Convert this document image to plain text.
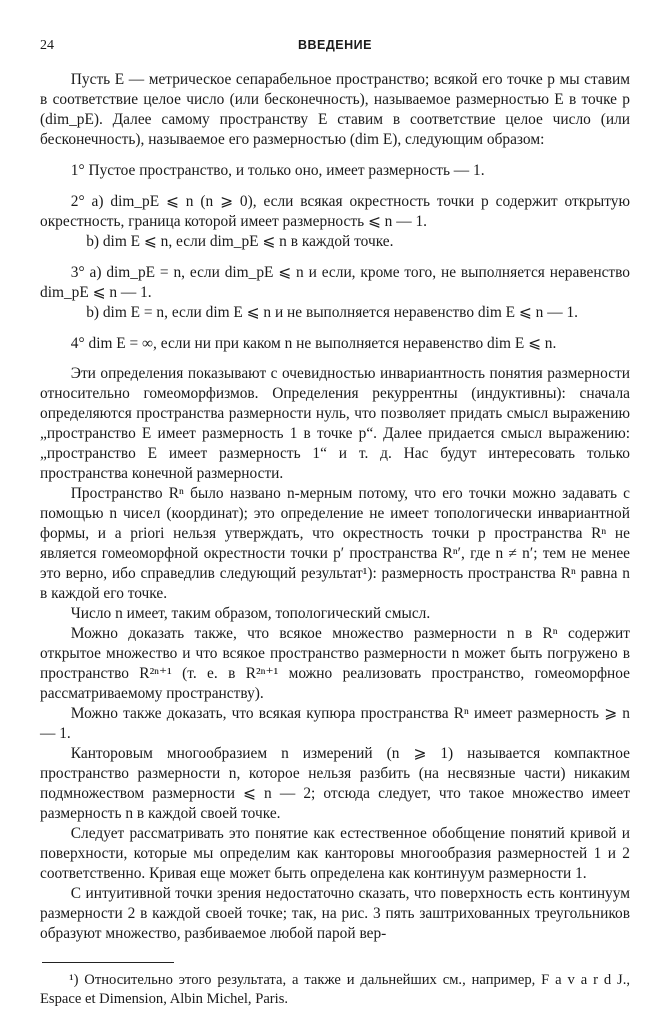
24	ВВЕДЕНИЕ

Пусть E — метрическое сепарабельное пространство; всякой его точке p мы ставим в соответствие целое число (или бесконечность), называемое размерностью E в точке p (dim_pE). Далее самому пространству E ставим в соответствие целое число (или бесконечность), называемое его размерностью (dim E), следующим образом:

1° Пустое пространство, и только оно, имеет размерность — 1.

2° a) dim_pE ⩽ n (n ⩾ 0), если всякая окрестность точки p содержит открытую окрестность, граница которой имеет размерность ⩽ n — 1.

b) dim E ⩽ n, если dim_pE ⩽ n в каждой точке.

3° a) dim_pE = n, если dim_pE ⩽ n и если, кроме того, не выполняется неравенство dim_pE ⩽ n — 1.

b) dim E = n, если dim E ⩽ n и не выполняется неравенство dim E ⩽ n — 1.

4° dim E = ∞, если ни при каком n не выполняется неравенство dim E ⩽ n.

Эти определения показывают с очевидностью инвариантность понятия размерности относительно гомеоморфизмов. Определения рекуррентны (индуктивны): сначала определяются пространства размерности нуль, что позволяет придать смысл выражению „пространство E имеет размерность 1 в точке p“. Далее придается смысл выражению: „пространство E имеет размерность 1“ и т. д. Нас будут интересовать только пространства конечной размерности.

Пространство Rⁿ было названо n-мерным потому, что его точки можно задавать с помощью n чисел (координат); это определение не имеет топологически инвариантной формы, и a priori нельзя утверждать, что окрестность точки p пространства Rⁿ не является гомеоморфной окрестности точки p′ пространства Rⁿ′, где n ≠ n′; тем не менее это верно, ибо справедлив следующий результат¹): размерность пространства Rⁿ равна n в каждой его точке.

Число n имеет, таким образом, топологический смысл.

Можно доказать также, что всякое множество размерности n в Rⁿ содержит открытое множество и что всякое пространство размерности n может быть погружено в пространство R²ⁿ⁺¹ (т. е. в R²ⁿ⁺¹ можно реализовать пространство, гомеоморфное рассматриваемому пространству).

Можно также доказать, что всякая купюра пространства Rⁿ имеет размерность ⩾ n — 1.

Канторовым многообразием n измерений (n ⩾ 1) называется компактное пространство размерности n, которое нельзя разбить (на несвязные части) никаким подмножеством размерности ⩽ n — 2; отсюда следует, что такое множество имеет размерность n в каждой своей точке.

Следует рассматривать это понятие как естественное обобщение понятий кривой и поверхности, которые мы определим как канторовы многообразия размерностей 1 и 2 соответственно. Кривая еще может быть определена как континуум размерности 1.

С интуитивной точки зрения недостаточно сказать, что поверхность есть континуум размерности 2 в каждой своей точке; так, на рис. 3 пять заштрихованных треугольников образуют множество, разбиваемое любой парой вер-

¹) Относительно этого результата, а также и дальнейших см., например, F a v a r d J., Espace et Dimension, Albin Michel, Paris.
